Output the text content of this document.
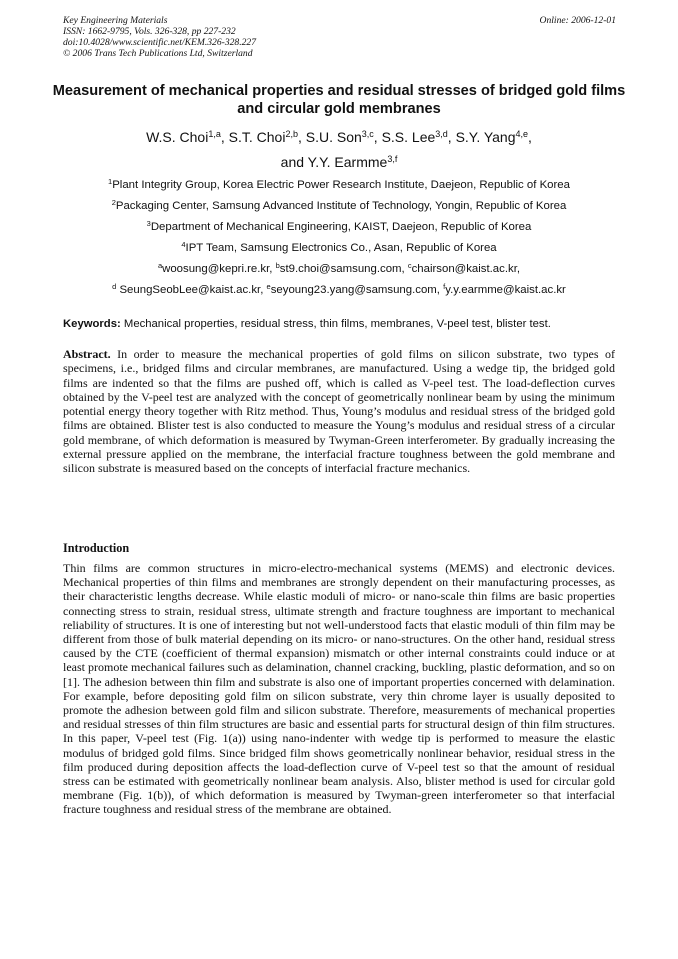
Key Engineering Materials
ISSN: 1662-9795, Vols. 326-328, pp 227-232
doi:10.4028/www.scientific.net/KEM.326-328.227
© 2006 Trans Tech Publications Ltd, Switzerland
Online: 2006-12-01
Measurement of mechanical properties and residual stresses of bridged gold films and circular gold membranes
W.S. Choi$^{1,a}$, S.T. Choi$^{2,b}$, S.U. Son$^{3,c}$, S.S. Lee$^{3,d}$, S.Y. Yang$^{4,e}$,
and Y.Y. Earmme$^{3,f}$
$^1$Plant Integrity Group, Korea Electric Power Research Institute, Daejeon, Republic of Korea
$^2$Packaging Center, Samsung Advanced Institute of Technology, Yongin, Republic of Korea
$^3$Department of Mechanical Engineering, KAIST, Daejeon, Republic of Korea
$^4$IPT Team, Samsung Electronics Co., Asan, Republic of Korea
$^a$woosung@kepri.re.kr, $^b$st9.choi@samsung.com, $^c$chairson@kaist.ac.kr,
$^d$ SeungSeobLee@kaist.ac.kr, $^e$seyoung23.yang@samsung.com, $^f$y.y.earmme@kaist.ac.kr
Keywords: Mechanical properties, residual stress, thin films, membranes, V-peel test, blister test.

Abstract. In order to measure the mechanical properties of gold films on silicon substrate, two types of specimens, i.e., bridged films and circular membranes, are manufactured. Using a wedge tip, the bridged gold films are indented so that the films are pushed off, which is called as V-peel test. The load-deflection curves obtained by the V-peel test are analyzed with the concept of geometrically nonlinear beam by using the minimum potential energy theory together with Ritz method. Thus, Young’s modulus and residual stress of the bridged gold films are obtained. Blister test is also conducted to measure the Young’s modulus and residual stress of a circular gold membrane, of which deformation is measured by Twyman-Green interferometer. By gradually increasing the external pressure applied on the membrane, the interfacial fracture toughness between the gold membrane and silicon substrate is measured based on the concepts of interfacial fracture mechanics.

Introduction

Thin films are common structures in micro-electro-mechanical systems (MEMS) and electronic devices. Mechanical properties of thin films and membranes are strongly dependent on their manufacturing processes, as their characteristic lengths decrease. While elastic moduli of micro- or nano-scale thin films are basic properties connecting stress to strain, residual stress, ultimate strength and fracture toughness are important to mechanical reliability of structures. It is one of interesting but not well-understood facts that elastic moduli of thin film may be different from those of bulk material depending on its micro- or nano-structures. On the other hand, residual stress caused by the CTE (coefficient of thermal expansion) mismatch or other internal constraints could induce or at least promote mechanical failures such as delamination, channel cracking, buckling, plastic deformation, and so on [1]. The adhesion between thin film and substrate is also one of important properties concerned with delamination. For example, before depositing gold film on silicon substrate, very thin chrome layer is usually deposited to promote the adhesion between gold film and silicon substrate. Therefore, measurements of mechanical properties and residual stresses of thin film structures are basic and essential parts for structural design of thin film structures. In this paper, V-peel test (Fig. 1(a)) using nano-indenter with wedge tip is performed to measure the elastic modulus of bridged gold films. Since bridged film shows geometrically nonlinear behavior, residual stress in the film produced during deposition affects the load-deflection curve of V-peel test so that the amount of residual stress can be estimated with geometrically nonlinear beam analysis. Also, blister method is used for circular gold membrane (Fig. 1(b)), of which deformation is measured by Twyman-green interferometer so that interfacial fracture toughness and residual stress of the membrane are obtained.
